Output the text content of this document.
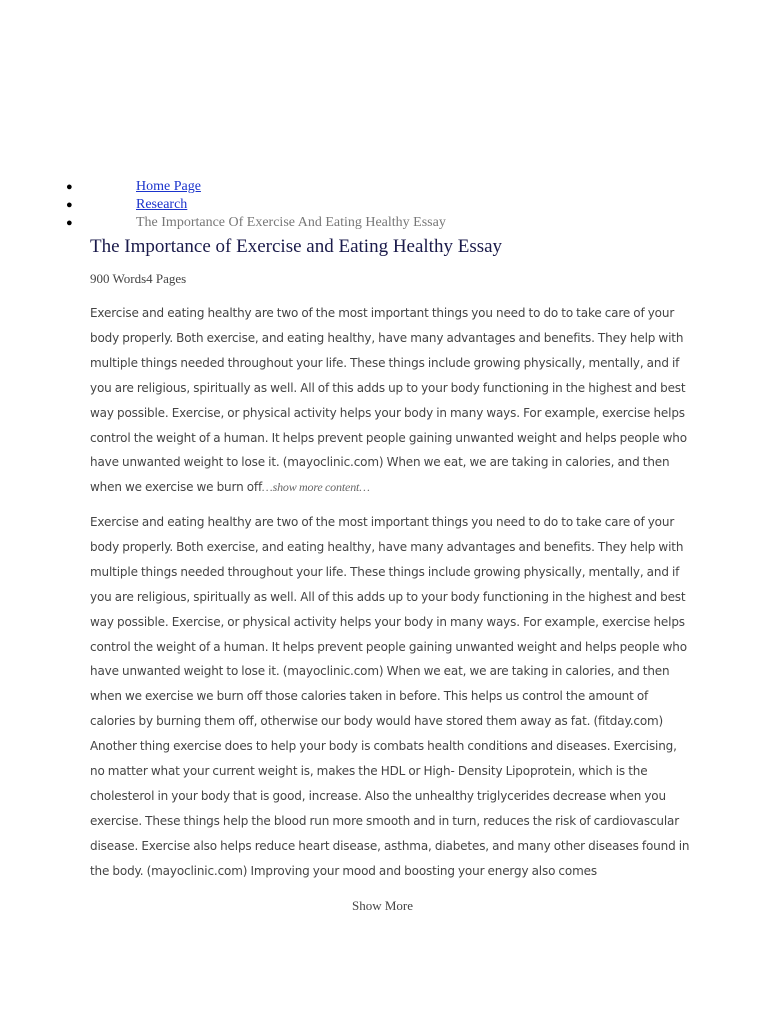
●	Home Page
●	Research
●	The Importance Of Exercise And Eating Healthy Essay
The Importance of Exercise and Eating Healthy Essay
900 Words4 Pages

Exercise and eating healthy are two of the most important things you need to do to take care of your body properly. Both exercise, and eating healthy, have many advantages and benefits. They help with multiple things needed throughout your life. These things include growing physically, mentally, and if you are religious, spiritually as well. All of this adds up to your body functioning in the highest and best way possible. Exercise, or physical activity helps your body in many ways. For example, exercise helps control the weight of a human. It helps prevent people gaining unwanted weight and helps people who have unwanted weight to lose it. (mayoclinic.com) When we eat, we are taking in calories, and then when we exercise we burn off…show more content…

Exercise and eating healthy are two of the most important things you need to do to take care of your body properly. Both exercise, and eating healthy, have many advantages and benefits. They help with multiple things needed throughout your life. These things include growing physically, mentally, and if you are religious, spiritually as well. All of this adds up to your body functioning in the highest and best way possible. Exercise, or physical activity helps your body in many ways. For example, exercise helps control the weight of a human. It helps prevent people gaining unwanted weight and helps people who have unwanted weight to lose it. (mayoclinic.com) When we eat, we are taking in calories, and then when we exercise we burn off those calories taken in before. This helps us control the amount of calories by burning them off, otherwise our body would have stored them away as fat. (fitday.com) Another thing exercise does to help your body is combats health conditions and diseases. Exercising, no matter what your current weight is, makes the HDL or High- Density Lipoprotein, which is the cholesterol in your body that is good, increase. Also the unhealthy triglycerides decrease when you exercise. These things help the blood run more smooth and in turn, reduces the risk of cardiovascular disease. Exercise also helps reduce heart disease, asthma, diabetes, and many other diseases found in the body. (mayoclinic.com) Improving your mood and boosting your energy also comes

Show More
